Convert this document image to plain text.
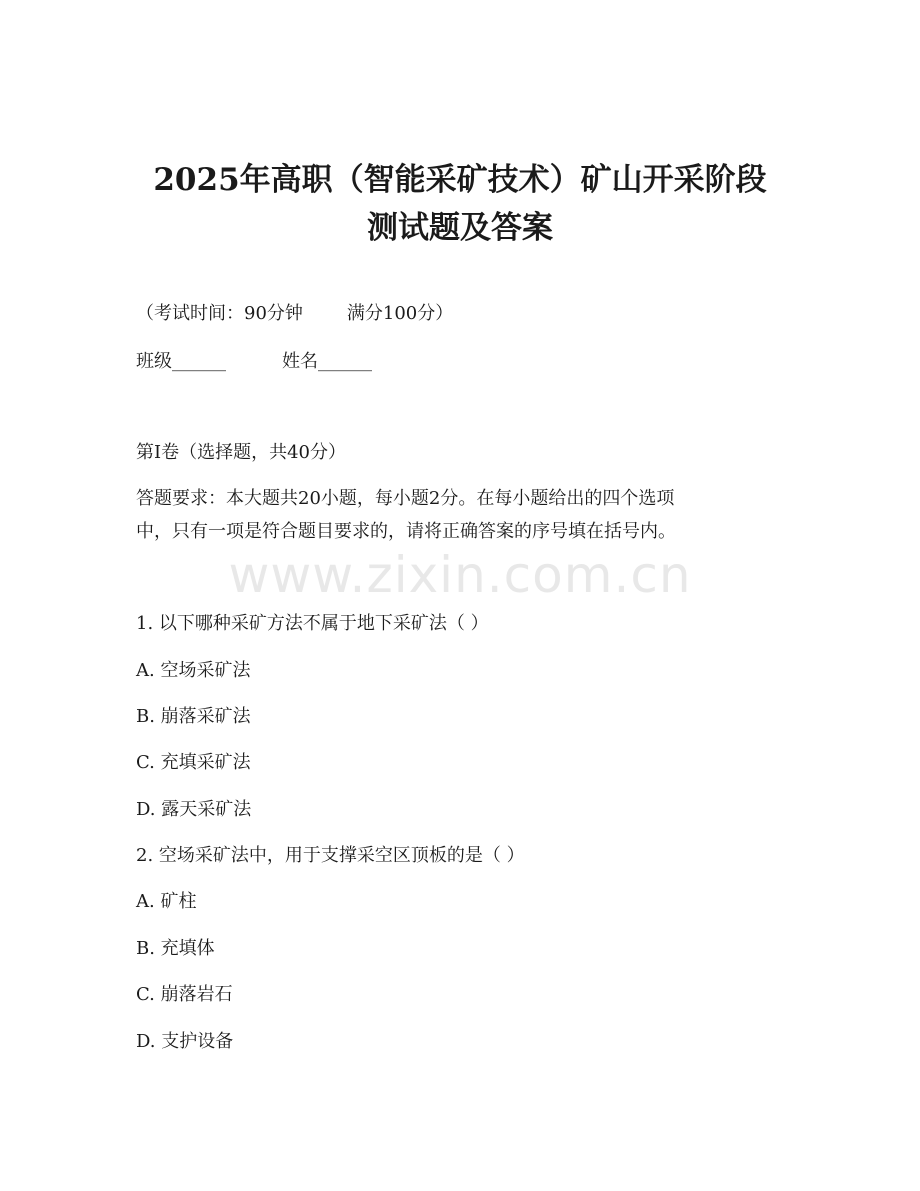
2025年高职（智能采矿技术）矿山开采阶段
测试题及答案
（考试时间：90分钟 满分100分）
班级______	姓名______
第I卷（选择题，共40分）
答题要求：本大题共20小题，每小题2分。在每小题给出的四个选项
中，只有一项是符合题目要求的，请将正确答案的序号填在括号内。
www.zixin.com.cn
1. 以下哪种采矿方法不属于地下采矿法（ ）
A. 空场采矿法
B. 崩落采矿法
C. 充填采矿法
D. 露天采矿法
2. 空场采矿法中，用于支撑采空区顶板的是（ ）
A. 矿柱
B. 充填体
C. 崩落岩石
D. 支护设备
